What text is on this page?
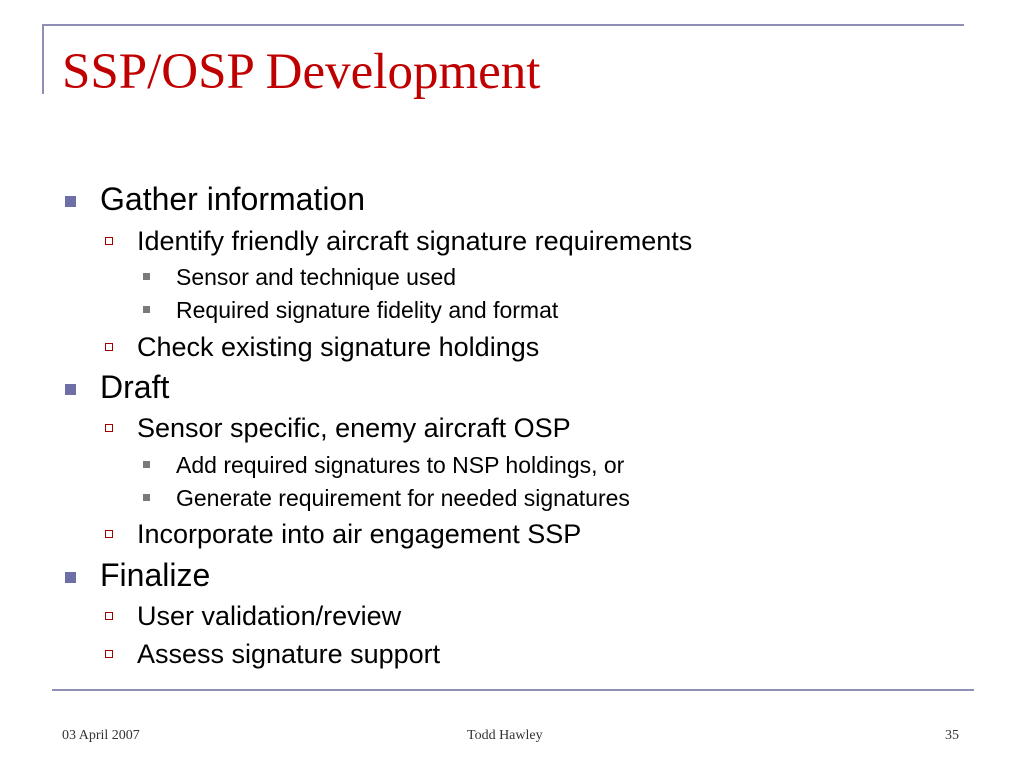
SSP/OSP Development
Gather information
Identify friendly aircraft signature requirements
Sensor and technique used
Required signature fidelity and format
Check existing signature holdings
Draft
Sensor specific, enemy aircraft OSP
Add required signatures to NSP holdings, or
Generate requirement for needed signatures
Incorporate into air engagement SSP
Finalize
User validation/review
Assess signature support
03 April 2007	Todd Hawley	35
